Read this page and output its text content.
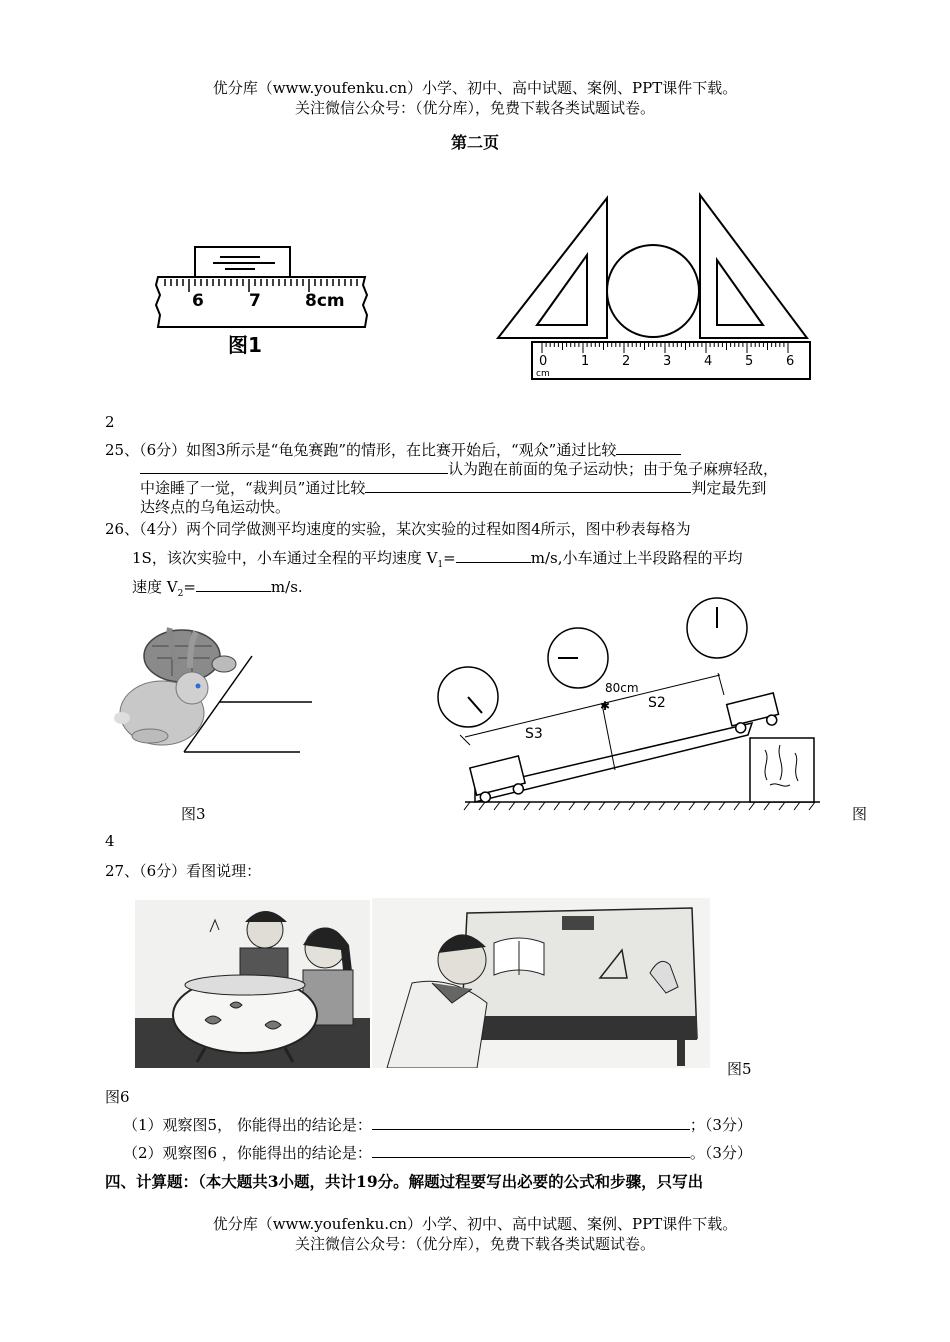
优分库（www.youfenku.cn）小学、初中、高中试题、案例、PPT课件下载。
关注微信公众号：（优分库），免费下载各类试题试卷。
第二页
6	7	8cm
图1
0	1	2	3	4	5	6
cm
2
25、（6分）如图3所示是“龟兔赛跑”的情形，在比赛开始后，“观众”通过比较
认为跑在前面的兔子运动快；由于兔子麻痹轻敌，
中途睡了一觉，“裁判员”通过比较	判定最先到
达终点的乌龟运动快。
26、（4分）两个同学做测平均速度的实验，某次实验的过程如图4所示，图中秒表每格为
1S，该次实验中，小车通过全程的平均速度 $V_1=$	m/s,小车通过上半段路程的平均
速度 $V_2=$	m/s.
图3
✱
80cm
S2
S3
图
4
27、（6分）看图说理：
图5
图6
（1）观察图5， 你能得出的结论是：	；（3分）
（2）观察图6 ，你能得出的结论是：	。（3分）
四、计算题：（本大题共3小题，共计19分。解题过程要写出必要的公式和步骤，只写出
优分库（www.youfenku.cn）小学、初中、高中试题、案例、PPT课件下载。
关注微信公众号：（优分库），免费下载各类试题试卷。
